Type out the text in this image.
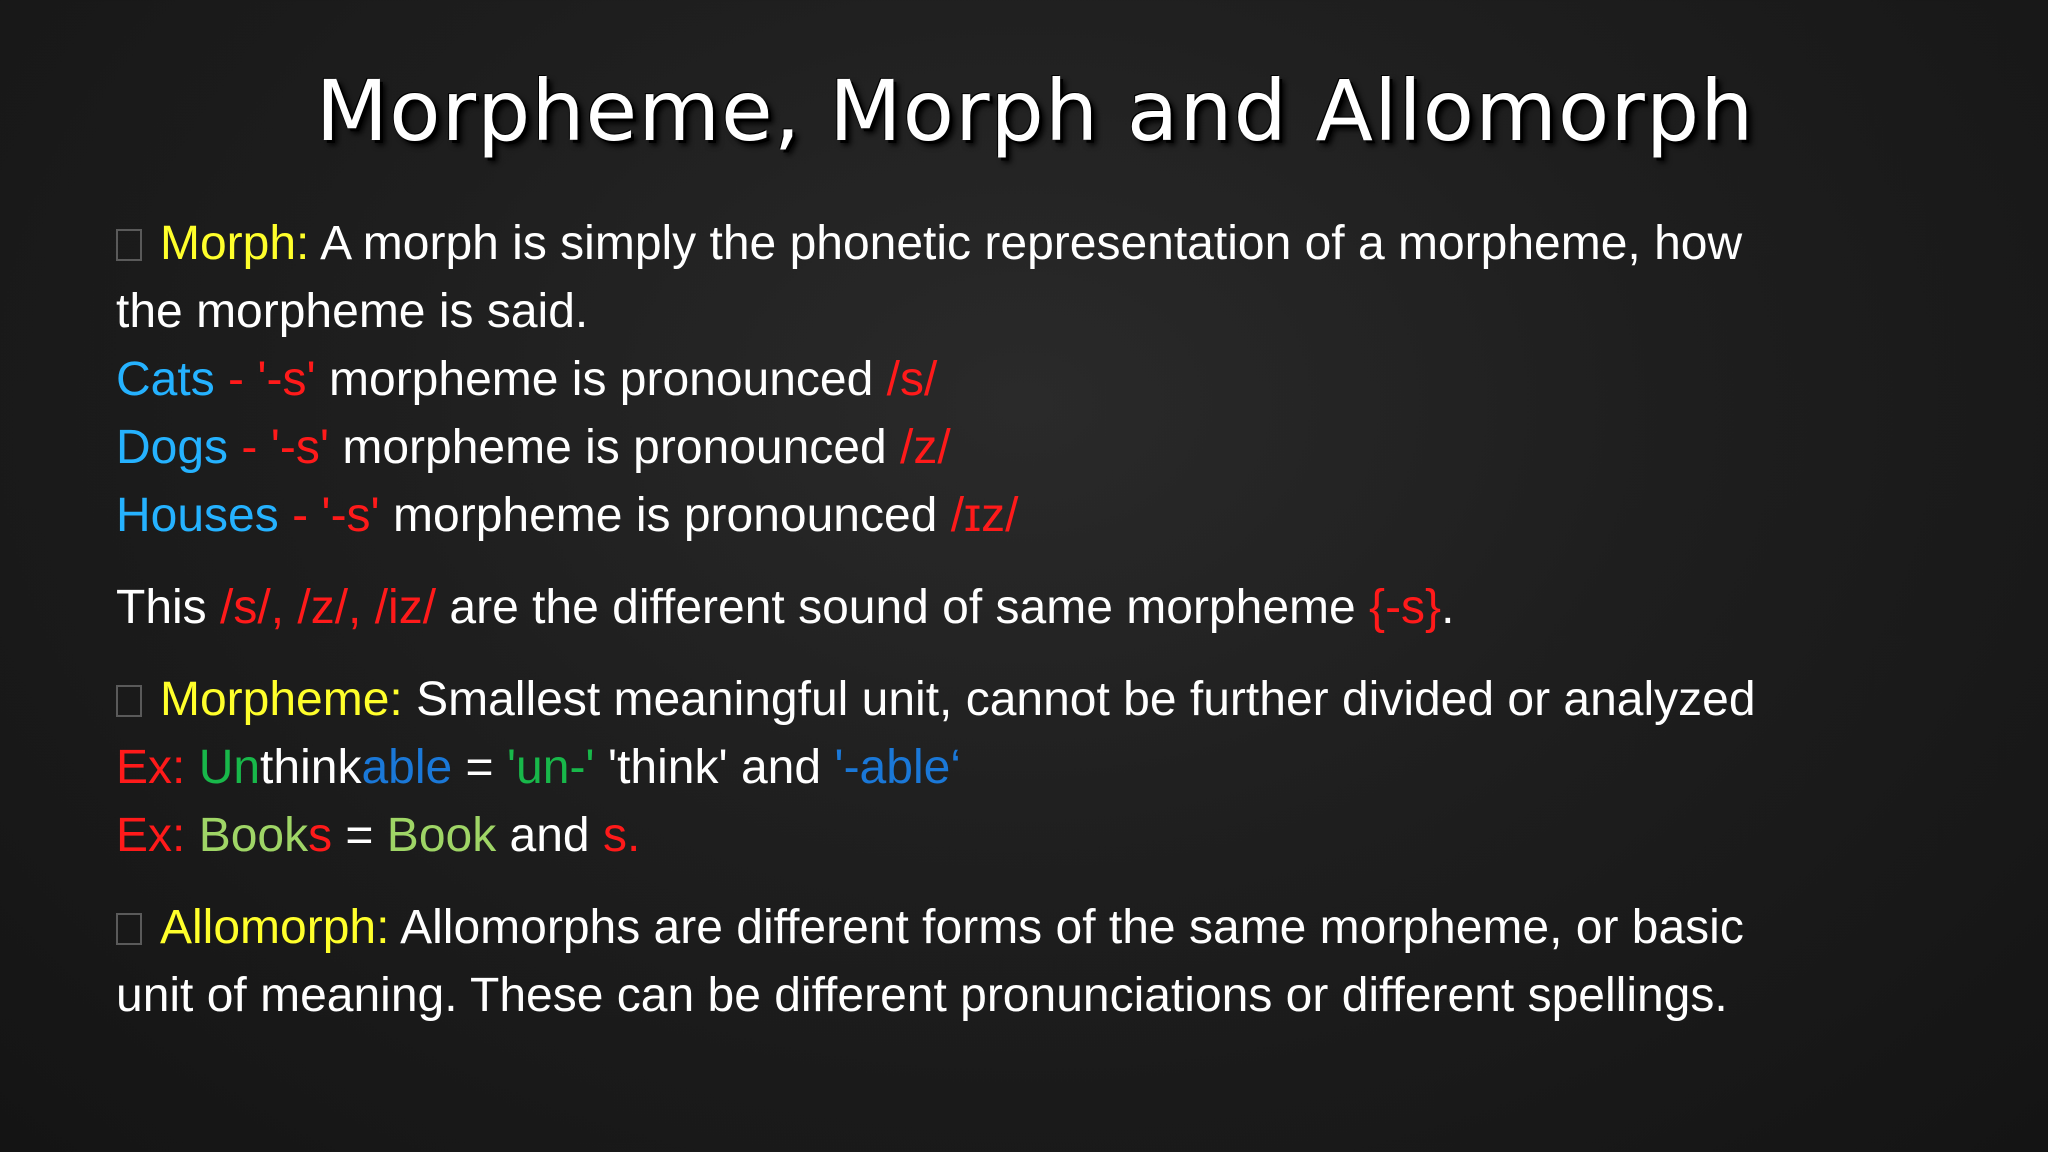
Morpheme, Morph and Allomorph
Morph: A morph is simply the phonetic representation of a morpheme, how
the morpheme is said.
Cats - '-s' morpheme is pronounced /s/
Dogs - '-s' morpheme is pronounced /z/
Houses - '-s' morpheme is pronounced /ɪz/
This /s/, /z/, /iz/ are the different sound of same morpheme {-s}.
Morpheme: Smallest meaningful unit, cannot be further divided or analyzed
Ex: Unthinkable = 'un-' 'think' and '-able‘
Ex: Books = Book and s.
Allomorph: Allomorphs are different forms of the same morpheme, or basic
unit of meaning. These can be different pronunciations or different spellings.
